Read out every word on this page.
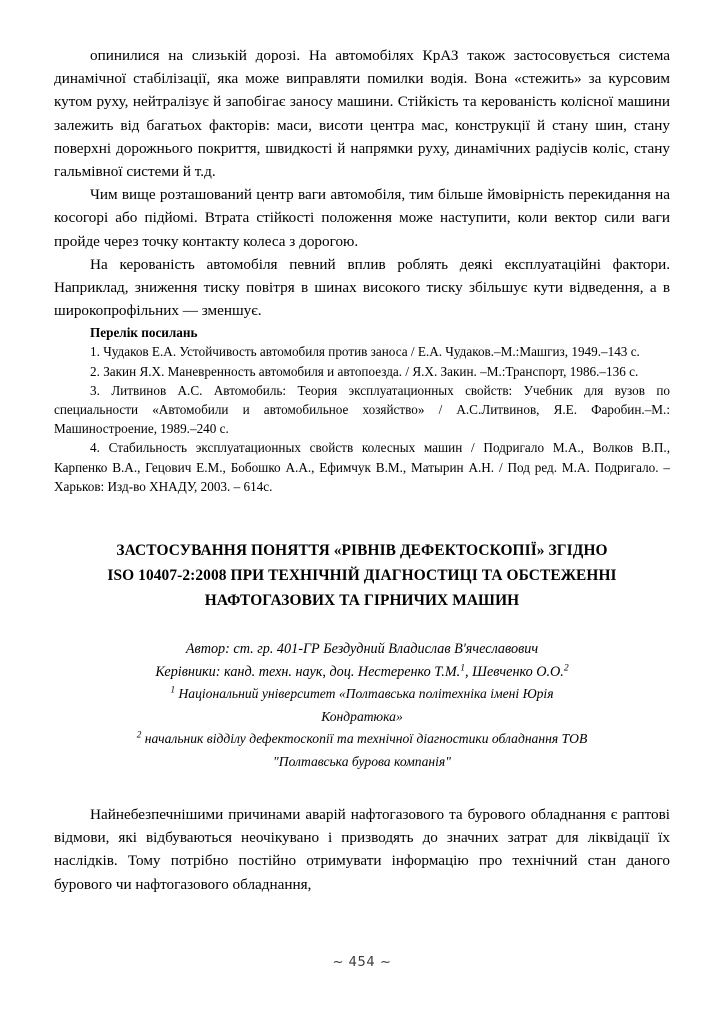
опинилися на слизькій дорозі. На автомобілях КрАЗ також застосовується система динамічної стабілізації, яка може виправляти помилки водія. Вона «стежить» за курсовим кутом руху, нейтралізує й запобігає заносу машини. Стійкість та керованість колісної машини залежить від багатьох факторів: маси, висоти центра мас, конструкції й стану шин, стану поверхні дорожнього покриття, швидкості й напрямки руху, динамічних радіусів коліс, стану гальмівної системи й т.д.

Чим вище розташований центр ваги автомобіля, тим більше ймовірність перекидання на косогорі або підйомі. Втрата стійкості положення може наступити, коли вектор сили ваги пройде через точку контакту колеса з дорогою.

На керованість автомобіля певний вплив роблять деякі експлуатаційні фактори. Наприклад, зниження тиску повітря в шинах високого тиску збільшує кути відведення, а в широкопрофільних — зменшує.

Перелік посилань

1. Чудаков Е.А. Устойчивость автомобиля против заноса / Е.А. Чудаков.–М.:Машгиз, 1949.–143 с.

2. Закин Я.Х. Маневренность автомобиля и автопоезда. / Я.Х. Закин. –М.:Транспорт, 1986.–136 с.

3. Литвинов А.С. Автомобиль: Теория эксплуатационных свойств: Учебник для вузов по специальности «Автомобили и автомобильное хозяйство» / А.С.Литвинов, Я.Е. Фаробин.–М.: Машиностроение, 1989.–240 с.

4. Стабильность эксплуатационных свойств колесных машин / Подригало М.А., Волков В.П., Карпенко В.А., Гецович Е.М., Бобошко А.А., Ефимчук В.М., Матырин А.Н. / Под ред. М.А. Подригало. – Харьков: Изд-во ХНАДУ, 2003. – 614с.

ЗАСТОСУВАННЯ ПОНЯТТЯ «РІВНІВ ДЕФЕКТОСКОПІЇ» ЗГІДНО
ISO 10407-2:2008 ПРИ ТЕХНІЧНІЙ ДІАГНОСТИЦІ ТА ОБСТЕЖЕННІ
НАФТОГАЗОВИХ ТА ГІРНИЧИХ МАШИН
Автор: ст. гр. 401-ГР Бездудний Владислав В'ячеславович
Керівники: канд. техн. наук, доц. Нестеренко Т.М.$^1$, Шевченко О.О.$^2$
$^1$ Національний університет «Полтавська політехніка імені Юрія
Кондратюка»
$^2$ начальник відділу дефектоскопії та технічної діагностики обладнання ТОВ
"Полтавська бурова компанія"

Найнебезпечнішими причинами аварій нафтогазового та бурового обладнання є раптові відмови, які відбуваються неочікувано і призводять до значних затрат для ліквідації їх наслідків. Тому потрібно постійно отримувати інформацію про технічний стан даного бурового чи нафтогазового обладнання,

~ 454 ~
